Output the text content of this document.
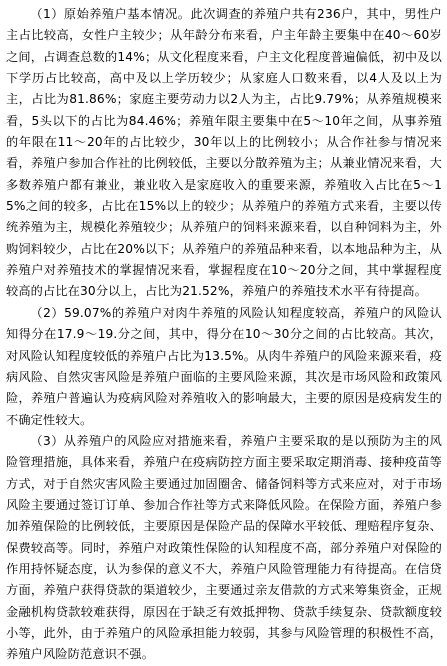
（1）原始养殖户基本情况。此次调查的养殖户共有236户，其中，男性户主占比较高，女性户主较少；从年龄分布来看，户主年龄主要集中在40～60岁之间，占调查总数的14%；从文化程度来看，户主文化程度普遍偏低，初中及以下学历占比较高，高中及以上学历较少；从家庭人口数来看，以4人及以上为主，占比为81.86%；家庭主要劳动力以2人为主，占比9.79%；从养殖规模来看，5头以下的占比为84.46%；养殖年限主要集中在5～10年之间，从事养殖的年限在11～20年的占比较少，30年以上的比例较小；从合作社参与情况来看，养殖户参加合作社的比例较低，主要以分散养殖为主；从兼业情况来看，大多数养殖户都有兼业，兼业收入是家庭收入的重要来源，养殖收入占比在5～15%之间的较多，占比在15%以上的较少；从养殖户的养殖方式来看，主要以传统养殖为主，规模化养殖较少；从养殖户的饲料来源来看，以自种饲料为主，外购饲料较少，占比在20%以下；从养殖户的养殖品种来看，以本地品种为主，从养殖户对养殖技术的掌握情况来看，掌握程度在10～20分之间，其中掌握程度较高的占比在30分以上，占比为21.52%，养殖户的养殖技术水平有待提高。

（2）59.07%的养殖户对肉牛养殖的风险认知程度较高，养殖户的风险认知得分在17.9～19.分之间，其中，得分在10～30分之间的占比较高。其次，对风险认知程度较低的养殖户占比为13.5%。从肉牛养殖户的风险来源来看，疫病风险、自然灾害风险是养殖户面临的主要风险来源，其次是市场风险和政策风险，养殖户普遍认为疫病风险对养殖收入的影响最大，主要的原因是疫病发生的不确定性较大。

（3）从养殖户的风险应对措施来看，养殖户主要采取的是以预防为主的风险管理措施，具体来看，养殖户在疫病防控方面主要采取定期消毒、接种疫苗等方式，对于自然灾害风险主要通过加固圈舍、储备饲料等方式来应对，对于市场风险主要通过签订订单、参加合作社等方式来降低风险。在保险方面，养殖户参加养殖保险的比例较低，主要原因是保险产品的保障水平较低、理赔程序复杂、保费较高等。同时，养殖户对政策性保险的认知程度不高，部分养殖户对保险的作用持怀疑态度，认为参保的意义不大，养殖户风险管理能力有待提高。在信贷方面，养殖户获得贷款的渠道较少，主要通过亲友借款的方式来筹集资金，正规金融机构贷款较难获得，原因在于缺乏有效抵押物、贷款手续复杂、贷款额度较小等，此外，由于养殖户的风险承担能力较弱，其参与风险管理的积极性不高，养殖户风险防范意识不强。
